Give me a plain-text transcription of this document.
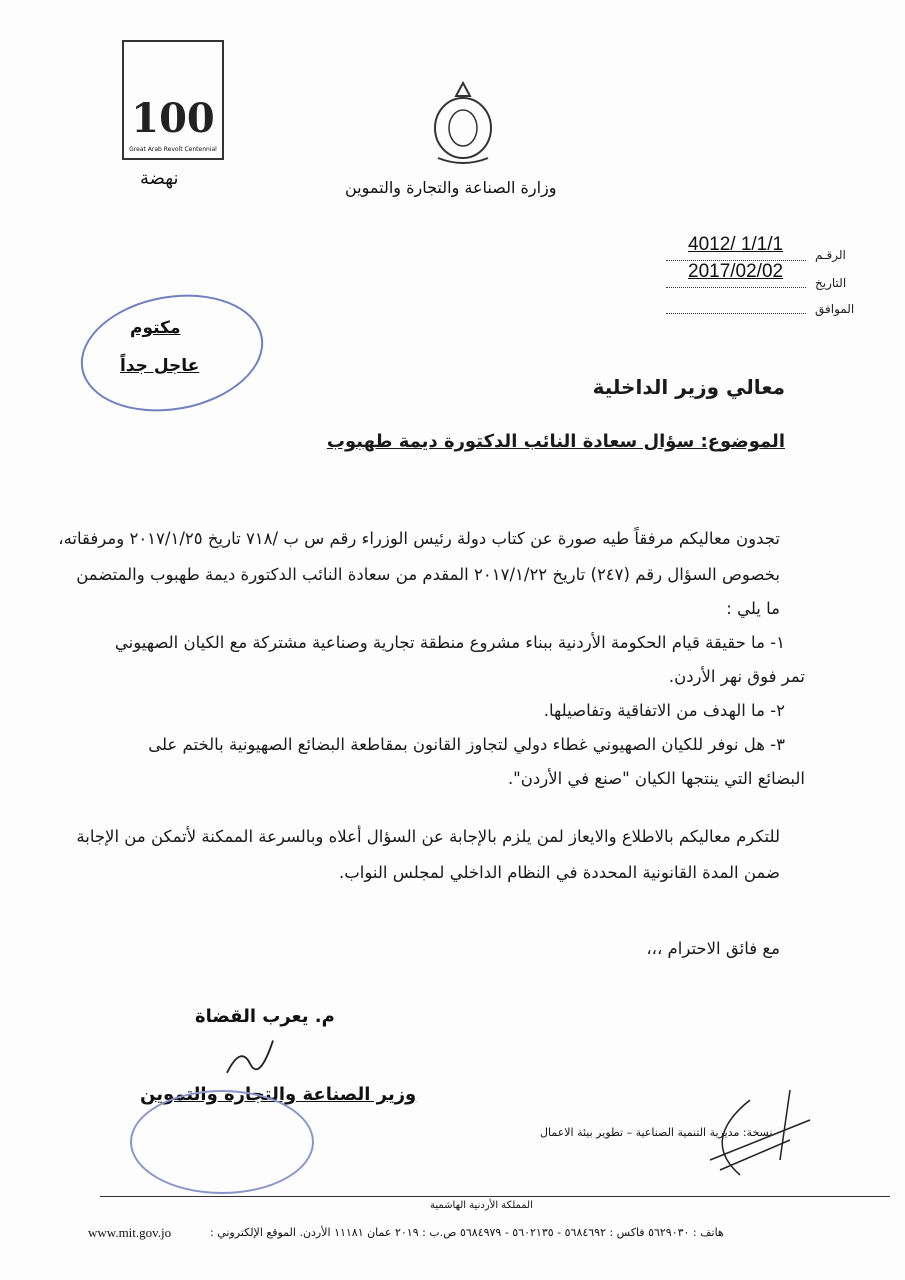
100
Great Arab Revolt Centennial
نهضة	وزارة الصناعة والتجارة والتموين
4012/ 1/1/1	الرقـم
2017/02/02
التاريخ
الموافق
مكتوم
عاجل جداً
معالي وزير الداخلية
الموضوع: سؤال سعادة النائب الدكتورة ديمة طهبوب
تجدون معاليكم مرفقاً طيه صورة عن كتاب دولة رئيس الوزراء رقم س ب /٧١٨ تاريخ ٢٠١٧/١/٢٥ ومرفقاته،
بخصوص السؤال رقم (٢٤٧) تاريخ ٢٠١٧/١/٢٢ المقدم من سعادة النائب الدكتورة ديمة طهبوب والمتضمن
ما يلي :
١- ما حقيقة قيام الحكومة الأردنية ببناء مشروع منطقة تجارية وصناعية مشتركة مع الكيان الصهيوني
تمر فوق نهر الأردن.
٢- ما الهدف من الاتفاقية وتفاصيلها.
٣- هل نوفر للكيان الصهيوني غطاء دولي لتجاوز القانون بمقاطعة البضائع الصهيونية بالختم على
البضائع التي ينتجها الكيان "صنع في الأردن".
للتكرم معاليكم بالاطلاع والايعاز لمن يلزم بالإجابة عن السؤال أعلاه وبالسرعة الممكنة لأتمكن من الإجابة
ضمن المدة القانونية المحددة في النظام الداخلي لمجلس النواب.
مع فائق الاحترام ،،،
م. يعرب القضاة
وزير الصناعة والتجارة والتموين
نسخة: مديرية التنمية الصناعية – تطوير بيئة الاعمال
المملكة الأردنية الهاشمية
هاتف : ٥٦٢٩٠٣٠ فاكس : ٥٦٨٤٦٩٢ - ٥٦٠٢١٣٥ - ٥٦٨٤٩٧٩ ص.ب : ٢٠١٩ عمان ١١١٨١ الأردن. الموقع الإلكتروني :
www.mit.gov.jo
